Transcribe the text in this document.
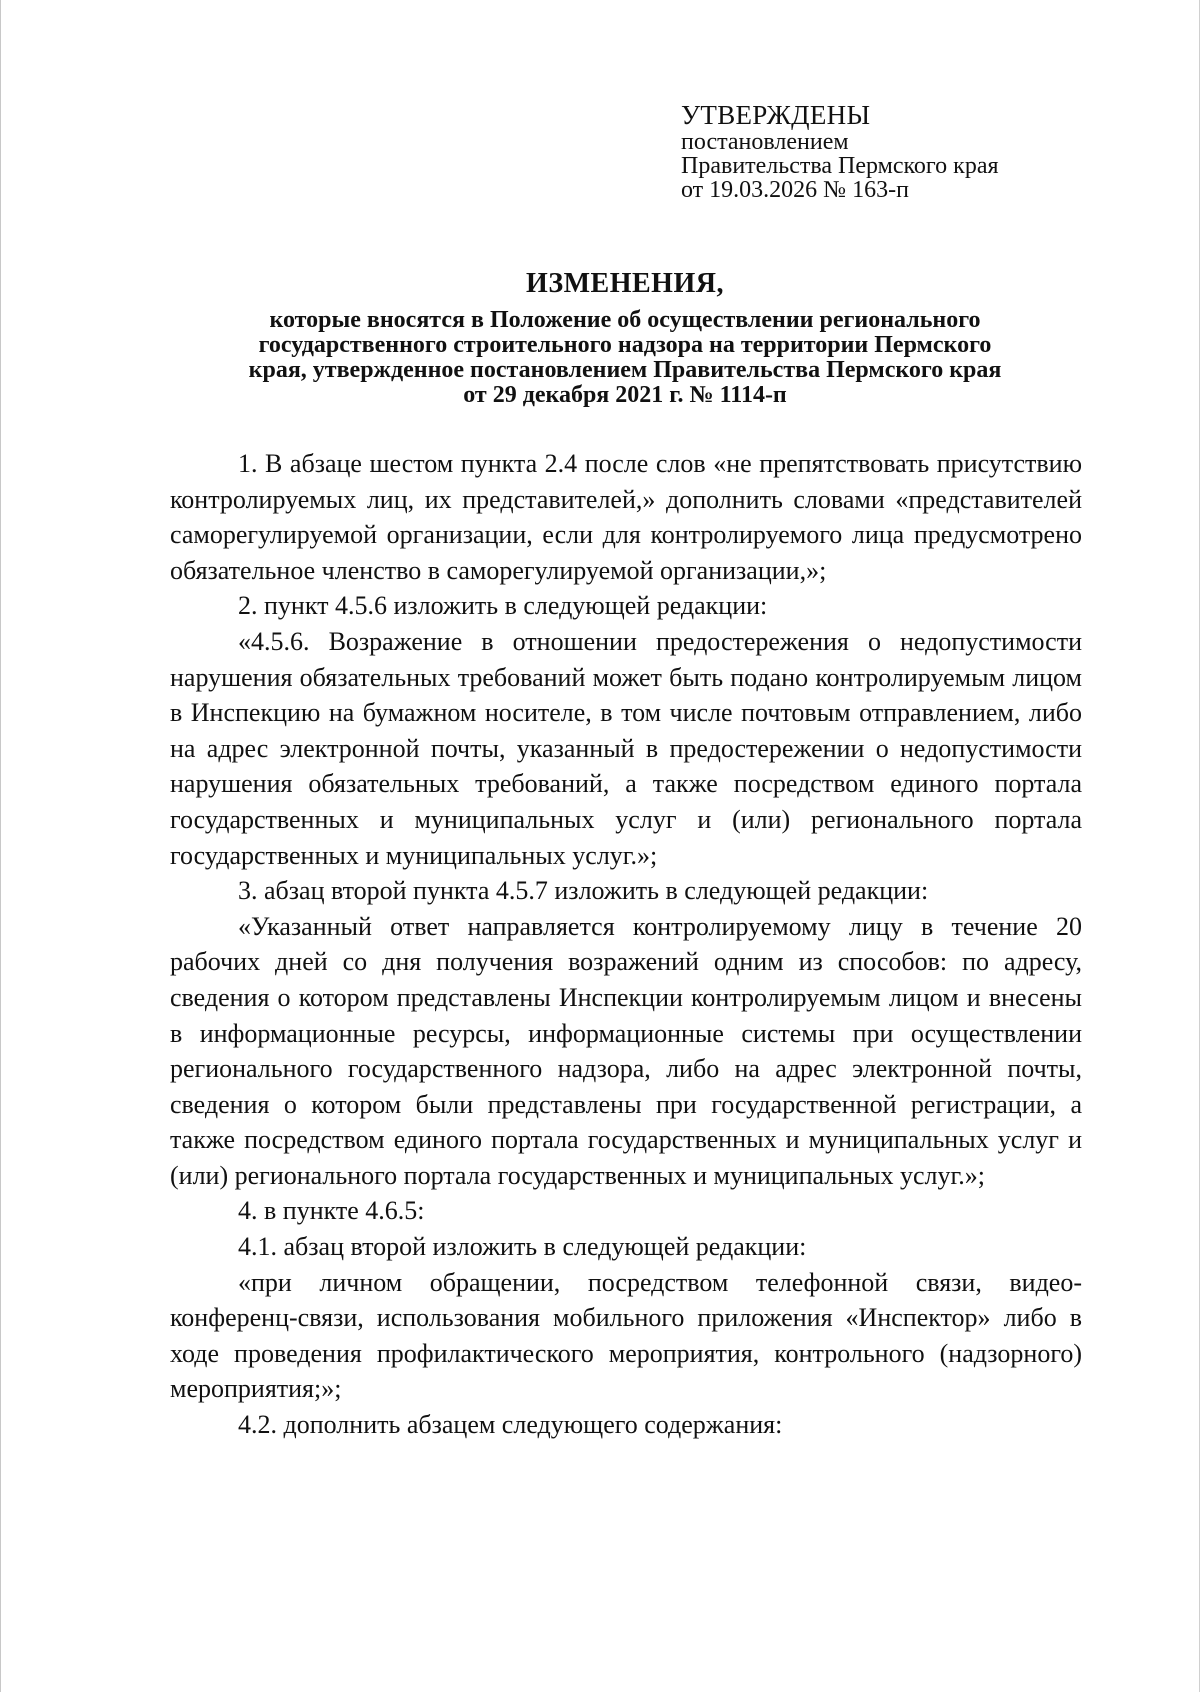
УТВЕРЖДЕНЫ
постановлением
Правительства Пермского края
от 19.03.2026 № 163-п
ИЗМЕНЕНИЯ,
которые вносятся в Положение об осуществлении регионального
государственного строительного надзора на территории Пермского
края, утвержденное постановлением Правительства Пермского края
от 29 декабря 2021 г. № 1114-п

1. В абзаце шестом пункта 2.4 после слов «не препятствовать присутствию контролируемых лиц, их представителей,» дополнить словами «представителей саморегулируемой организации, если для контролируемого лица предусмотрено обязательное членство в саморегулируемой организации,»;

2. пункт 4.5.6 изложить в следующей редакции:

«4.5.6. Возражение в отношении предостережения о недопустимости нарушения обязательных требований может быть подано контролируемым лицом в Инспекцию на бумажном носителе, в том числе почтовым отправлением, либо на адрес электронной почты, указанный в предостережении о недопустимости нарушения обязательных требований, а также посредством единого портала государственных и муниципальных услуг и (или) регионального портала государственных и муниципальных услуг.»;

3. абзац второй пункта 4.5.7 изложить в следующей редакции:

«Указанный ответ направляется контролируемому лицу в течение 20 рабочих дней со дня получения возражений одним из способов: по адресу, сведения о котором представлены Инспекции контролируемым лицом и внесены в информационные ресурсы, информационные системы при осуществлении регионального государственного надзора, либо на адрес электронной почты, сведения о котором были представлены при государственной регистрации, а также посредством единого портала государственных и муниципальных услуг и (или) регионального портала государственных и муниципальных услуг.»;

4. в пункте 4.6.5:

4.1. абзац второй изложить в следующей редакции:

«при личном обращении, посредством телефонной связи, видео-конференц-связи, использования мобильного приложения «Инспектор» либо в ходе проведения профилактического мероприятия, контрольного (надзорного) мероприятия;»;

4.2. дополнить абзацем следующего содержания:
